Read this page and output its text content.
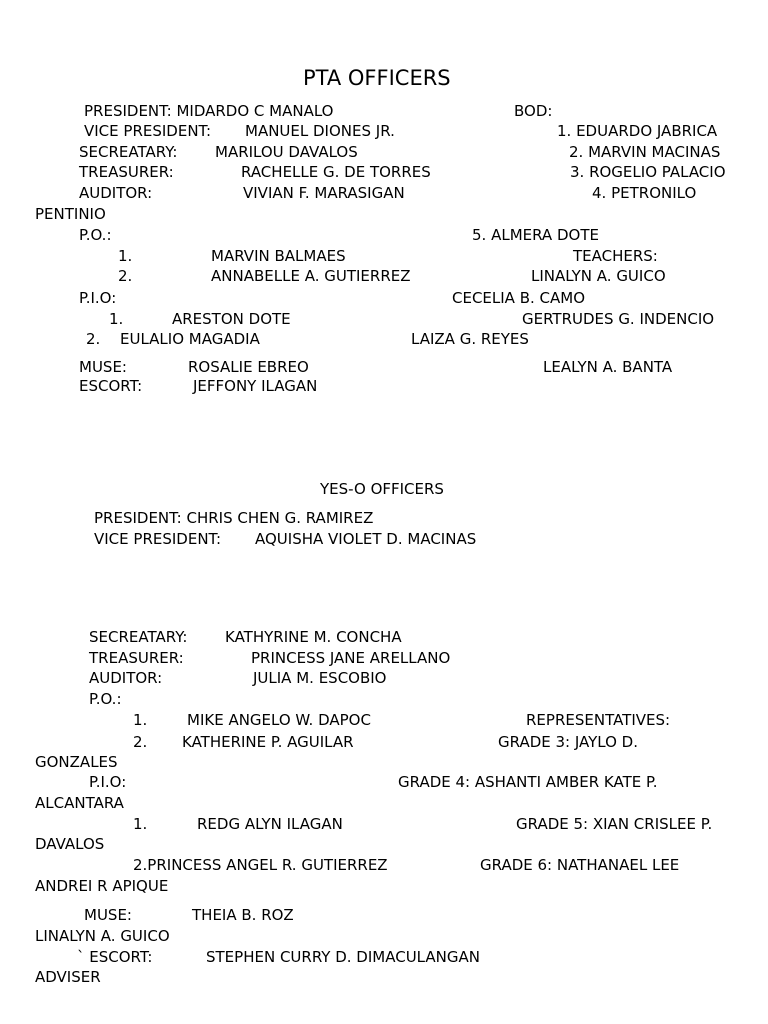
PTA OFFICERS
PRESIDENT: MIDARDO C MANALO	BOD:
VICE PRESIDENT: MANUEL DIONES JR.	1. EDUARDO JABRICA
SECREATARY:	MARILOU DAVALOS	2. MARVIN MACINAS
TREASURER:	RACHELLE G. DE TORRES	3. ROGELIO PALACIO
AUDITOR:	VIVIAN F. MARASIGAN	4. PETRONILO
PENTINIO
P.O.:	5. ALMERA DOTE
1.	MARVIN BALMAES	TEACHERS:
2.	ANNABELLE A. GUTIERREZ	LINALYN A. GUICO
P.I.O:	CECELIA B. CAMO
1.	ARESTON DOTE	GERTRUDES G. INDENCIO
2. EULALIO MAGADIA	LAIZA G. REYES
MUSE:	ROSALIE EBREO	LEALYN A. BANTA
ESCORT:	JEFFONY ILAGAN
YES-O OFFICERS
PRESIDENT: CHRIS CHEN G. RAMIREZ
VICE PRESIDENT: AQUISHA VIOLET D. MACINAS
SECREATARY:	KATHYRINE M. CONCHA
TREASURER:	PRINCESS JANE ARELLANO
AUDITOR:	JULIA M. ESCOBIO
P.O.:
1.	MIKE ANGELO W. DAPOC	REPRESENTATIVES:
2. KATHERINE P. AGUILAR	GRADE 3: JAYLO D.
GONZALES
P.I.O:	GRADE 4: ASHANTI AMBER KATE P.
ALCANTARA
1.	REDG ALYN ILAGAN	GRADE 5: XIAN CRISLEE P.
DAVALOS
2.PRINCESS ANGEL R. GUTIERREZ	GRADE 6: NATHANAEL LEE
ANDREI R APIQUE
MUSE:	THEIA B. ROZ
LINALYN A. GUICO
` ESCORT:	STEPHEN CURRY D. DIMACULANGAN
ADVISER
